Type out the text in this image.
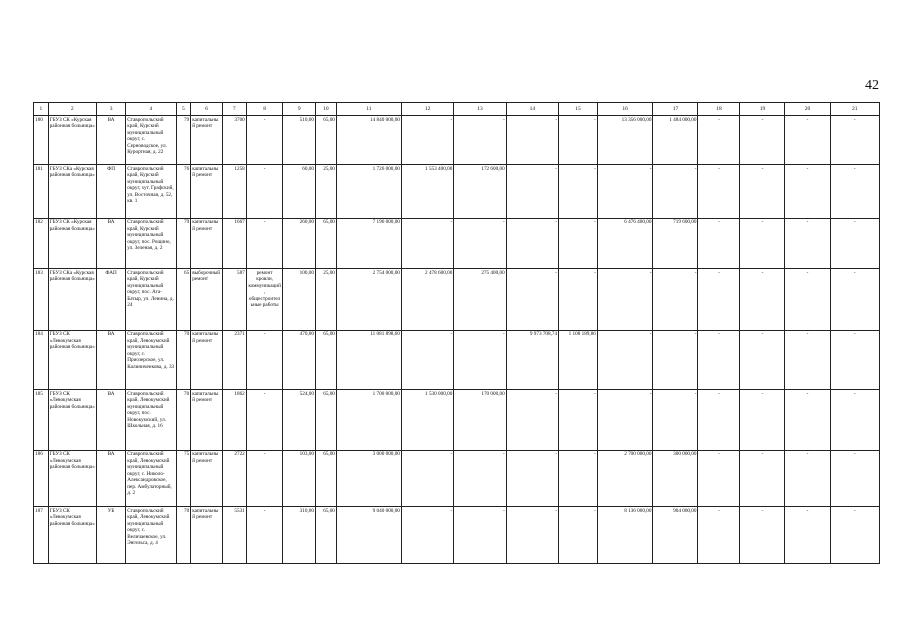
42
1	2	3	4	5	6	7	8	9	10	11	12	13	14	15	16	17	18	19	20	21
180	ГБУЗ СК «Курская районная больница»	ВА	Ставропольский край, Курский муниципальный округ, с. Серноводское, ул. Курортная, д. 22	79	капитальный ремонт	3700	-	510,00	65,00	14 840 000,00	-	-	-	-	13 356 000,00	1 484 000,00	-	-	-	-
181	ГБУЗ СКа «Курская районная больница»	ФП	Ставропольский край, Курский муниципальный округ, хут. Графский, ул. Восточная, д. 52, кв. 1	76	капитальный ремонт	1258	-	60,00	25,00	1 726 000,00	1 553 400,00	172 600,00	-	-	-	-	-	-	-	-
182	ГБУЗ СК «Курская районная больница»	ВА	Ставропольский край, Курский муниципальный округ, пос. Рощино, ул. Зеленая, д. 2	79	капитальный ремонт	1667	-	260,00	65,00	7 196 000,00	-	-	-	-	6 476 400,00	719 600,00	-	-	-	-
183	ГБУЗ СКа «Курская районная больница»	ФАП	Ставропольский край, Курский муниципальный округ, пос. Ага-Батыр, ул. Ленина, д. 24	65	выборочный ремонт	587	ремонт кровли, коммуникаций, общестроительные работы	100,00	25,00	2 754 000,00	2 478 600,00	275 400,00	-	-	-	-	-	-	-	-
184	ГБУЗ СК «Левокумская районная больница»	ВА	Ставропольский край, Левокумский муниципальный округ, с. Приозерское, ул. Калиниченкова, д. 33	70	капитальный ремонт	2371	-	470,00	65,00	11 081 898,60	-	-	9 973 708,74	1 108 189,86	-	-	-	-	-	-
185	ГБУЗ СК «Левокумская районная больница»	ВА	Ставропольский край, Левокумский муниципальный округ, пос. Новокумский, ул. Школьная, д. 16	70	капитальный ремонт	1862	-	524,00	65,00	1 700 000,00	1 530 000,00	170 000,00	-	-	-	-	-	-	-	-
186	ГБУЗ СК «Левокумская районная больница»	ВА	Ставропольский край, Левокумский муниципальный округ, с. Николо-Александровское, пер. Амбулаторный, д. 2	75	капитальный ремонт	2722	-	103,00	65,00	3 000 000,00	-	-	-	-	2 700 000,00	300 000,00	-	-	-	-
187	ГБУЗ СК «Левокумская районная больница»	УБ	Ставропольский край, Левокумский муниципальный округ, с. Величаевское, ул. Энгельса, д. 4	70	капитальный ремонт	5531	-	310,00	65,00	9 040 000,00	-	-	-	-	8 136 000,00	904 000,00	-	-	-	-
